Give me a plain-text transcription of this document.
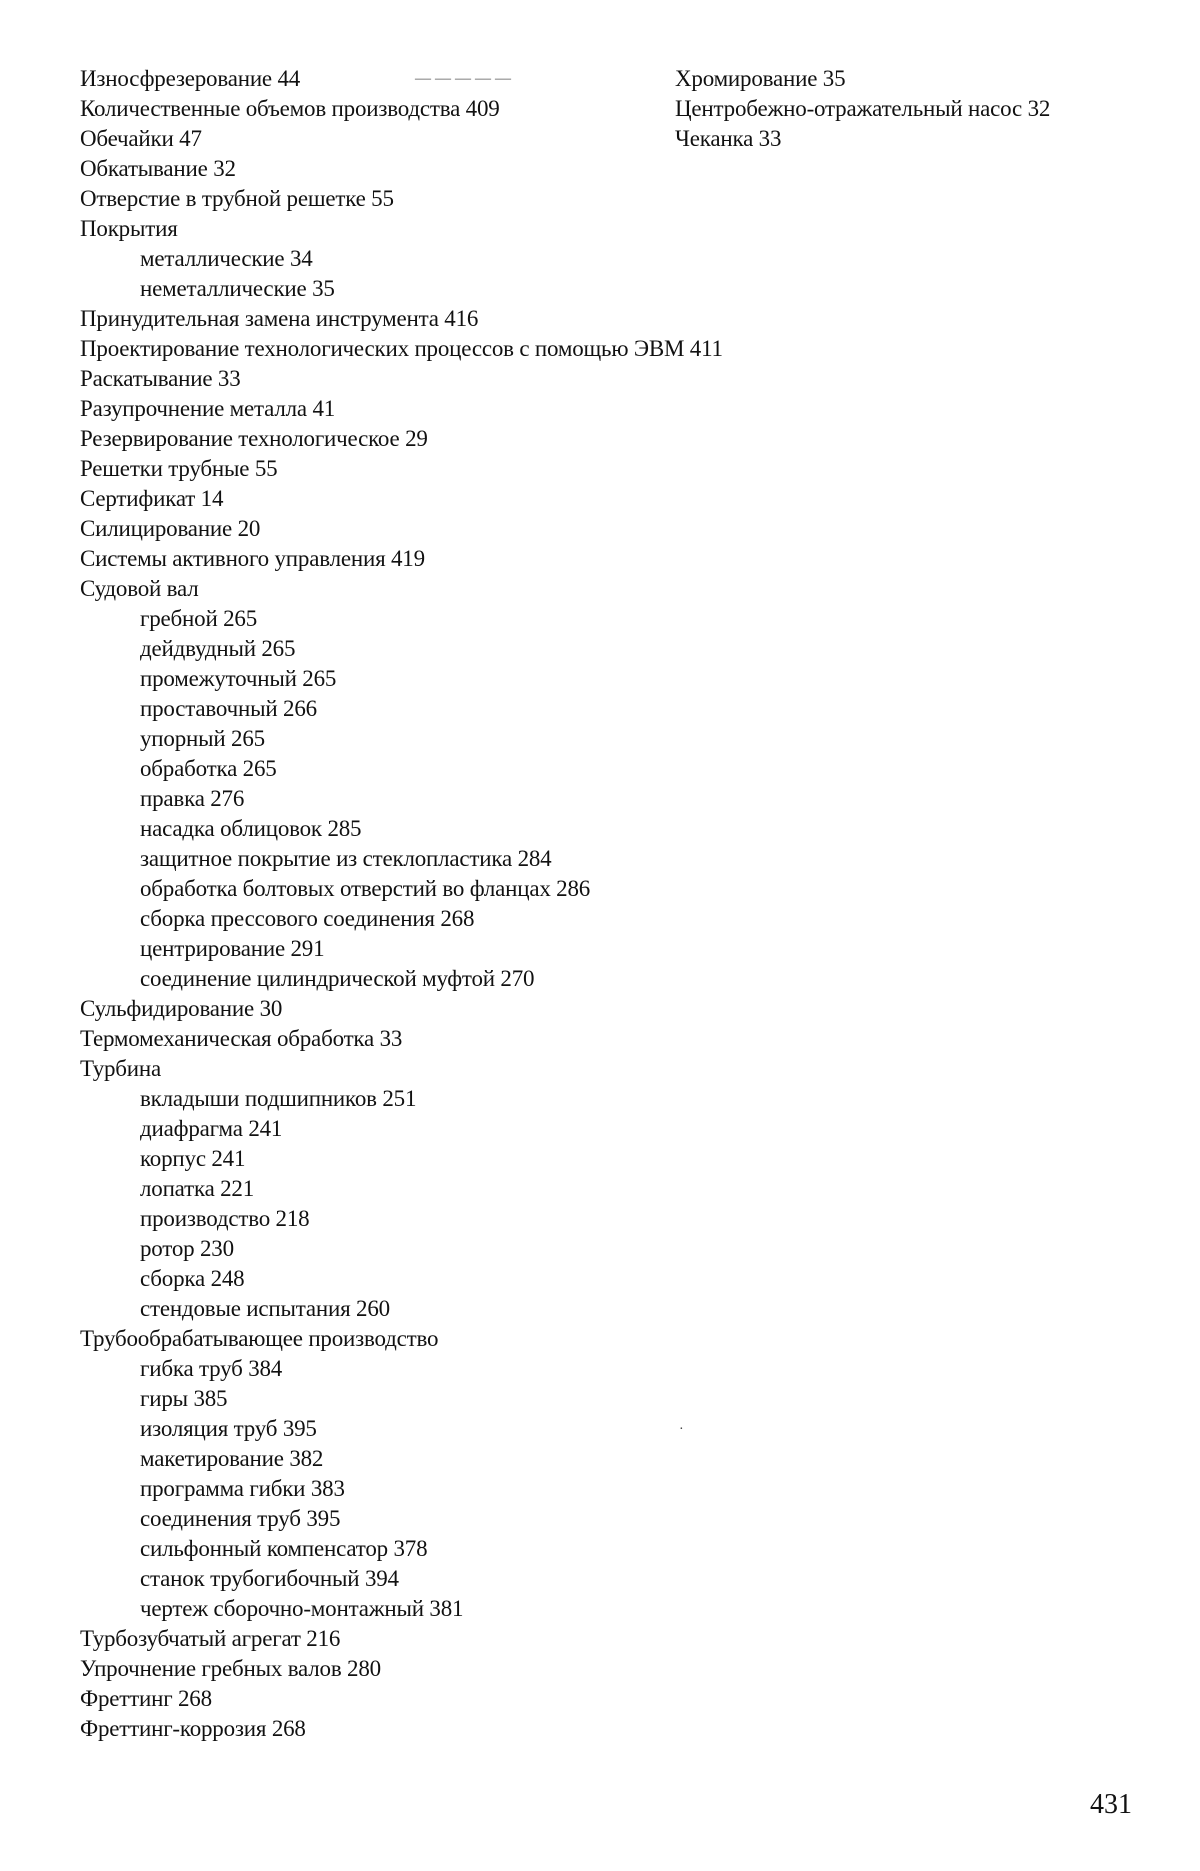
— — — — —
Износфрезерование 44
Количественные объемов производства 409
Обечайки 47
Обкатывание 32
Отверстие в трубной решетке 55
Покрытия
металлические 34
неметаллические 35
Принудительная замена инструмента 416
Проектирование технологических процессов с помощью ЭВМ 411
Раскатывание 33
Разупрочнение металла 41
Резервирование технологическое 29
Решетки трубные 55
Сертификат 14
Силицирование 20
Системы активного управления 419
Судовой вал
гребной 265
дейдвудный 265
промежуточный 265
проставочный 266
упорный 265
обработка 265
правка 276
насадка облицовок 285
защитное покрытие из стеклопластика 284
обработка болтовых отверстий во фланцах 286
сборка прессового соединения 268
центрирование 291
соединение цилиндрической муфтой 270
Сульфидирование 30
Термомеханическая обработка 33
Турбина
вкладыши подшипников 251
диафрагма 241
корпус 241
лопатка 221
производство 218
ротор 230
сборка 248
стендовые испытания 260
Трубообрабатывающее производство
гибка труб 384
гиры 385
изоляция труб 395
макетирование 382
программа гибки 383
соединения труб 395
сильфонный компенсатор 378
станок трубогибочный 394
чертеж сборочно-монтажный 381
Турбозубчатый агрегат 216
Упрочнение гребных валов 280
Фреттинг 268
Фреттинг-коррозия 268
Хромирование 35
Центробежно-отражательный насос 32
Чеканка 33
·
431
